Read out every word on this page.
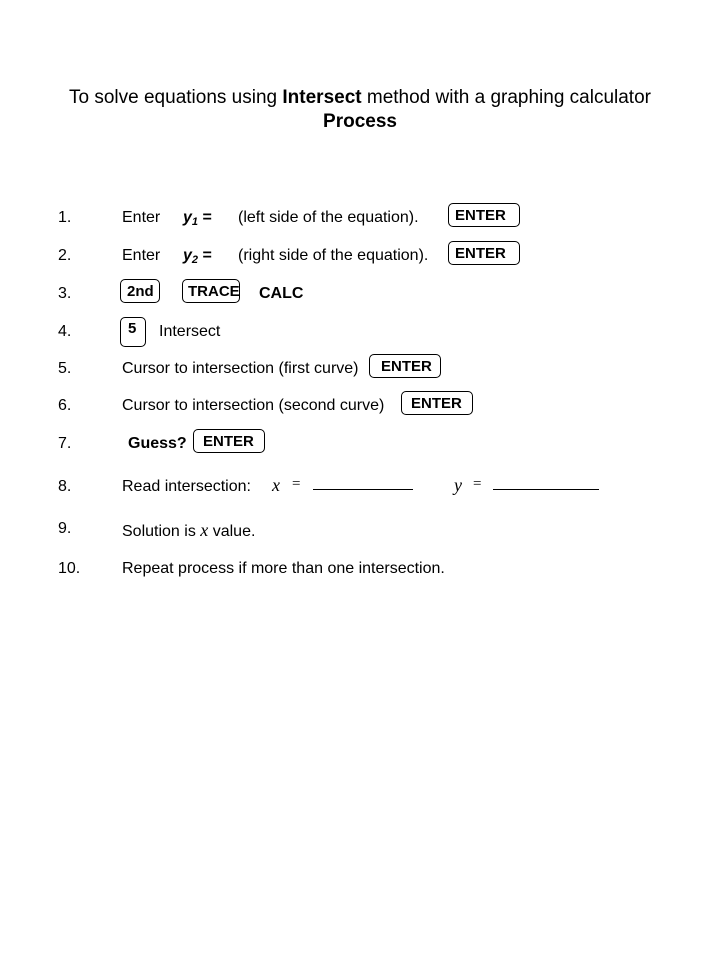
To solve equations using Intersect method with a graphing calculator
Process
1.	Enter $y_1$ = (left side of the equation).	ENTER
2.	Enter $y_2$ = (right side of the equation).	ENTER
3.	2nd	TRACE CALC
4.	5	Intersect
5.	Cursor to intersection (first curve)	ENTER
6.	Cursor to intersection (second curve)	ENTER
7.	Guess?	ENTER
8.	Read intersection: x =	y =
9.	Solution is x value.
10.	Repeat process if more than one intersection.
